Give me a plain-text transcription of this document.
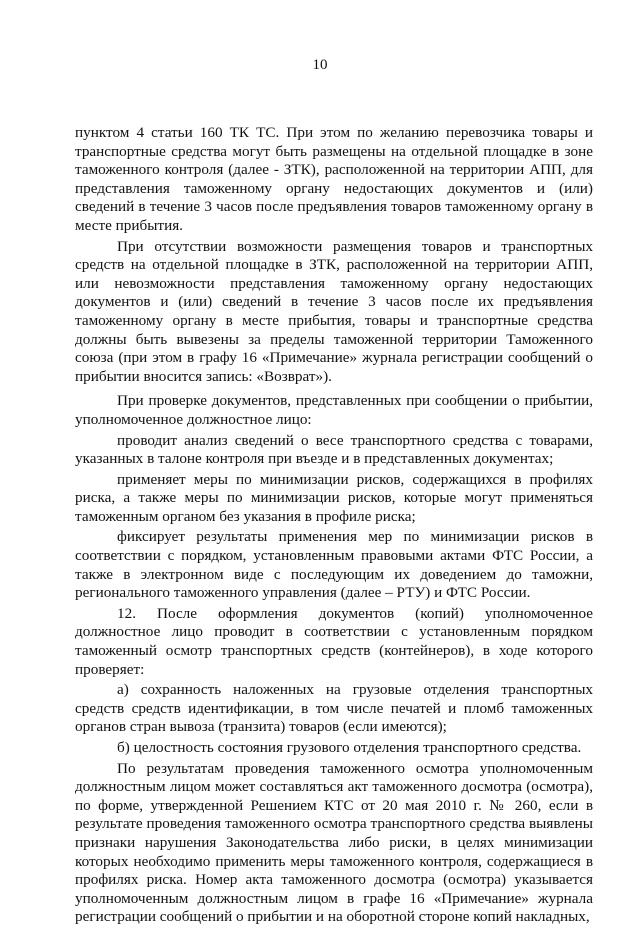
10

пунктом 4 статьи 160 ТК ТС. При этом по желанию перевозчика товары и транспортные средства могут быть размещены на отдельной площадке в зоне таможенного контроля (далее - ЗТК), расположенной на территории АПП, для представления таможенному органу недостающих документов и (или) сведений в течение 3 часов после предъявления товаров таможенному органу в месте прибытия.

При отсутствии возможности размещения товаров и транспортных средств на отдельной площадке в ЗТК, расположенной на территории АПП, или невозможности представления таможенному органу недостающих документов и (или) сведений в течение 3 часов после их предъявления таможенному органу в месте прибытия, товары и транспортные средства должны быть вывезены за пределы таможенной территории Таможенного союза (при этом в графу 16 «Примечание» журнала регистрации сообщений о прибытии вносится запись: «Возврат»).

При проверке документов, представленных при сообщении о прибытии, уполномоченное должностное лицо:

проводит анализ сведений о весе транспортного средства с товарами, указанных в талоне контроля при въезде и в представленных документах;

применяет меры по минимизации рисков, содержащихся в профилях риска, а также меры по минимизации рисков, которые могут применяться таможенным органом без указания в профиле риска;

фиксирует результаты применения мер по минимизации рисков в соответствии с порядком, установленным правовыми актами ФТС России, а также в электронном виде с последующим их доведением до таможни, регионального таможенного управления (далее – РТУ) и ФТС России.

12. После оформления документов (копий) уполномоченное должностное лицо проводит в соответствии с установленным порядком таможенный осмотр транспортных средств (контейнеров), в ходе которого проверяет:

а) сохранность наложенных на грузовые отделения транспортных средств средств идентификации, в том числе печатей и пломб таможенных органов стран вывоза (транзита) товаров (если имеются);

б) целостность состояния грузового отделения транспортного средства.

По результатам проведения таможенного осмотра уполномоченным должностным лицом может составляться акт таможенного досмотра (осмотра), по форме, утвержденной Решением КТС от 20 мая 2010 г. № 260, если в результате проведения таможенного осмотра транспортного средства выявлены признаки нарушения Законодательства либо риски, в целях минимизации которых необходимо применить меры таможенного контроля, содержащиеся в профилях риска. Номер акта таможенного досмотра (осмотра) указывается уполномоченным должностным лицом в графе 16 «Примечание» журнала регистрации сообщений о прибытии и на оборотной стороне копий накладных,
